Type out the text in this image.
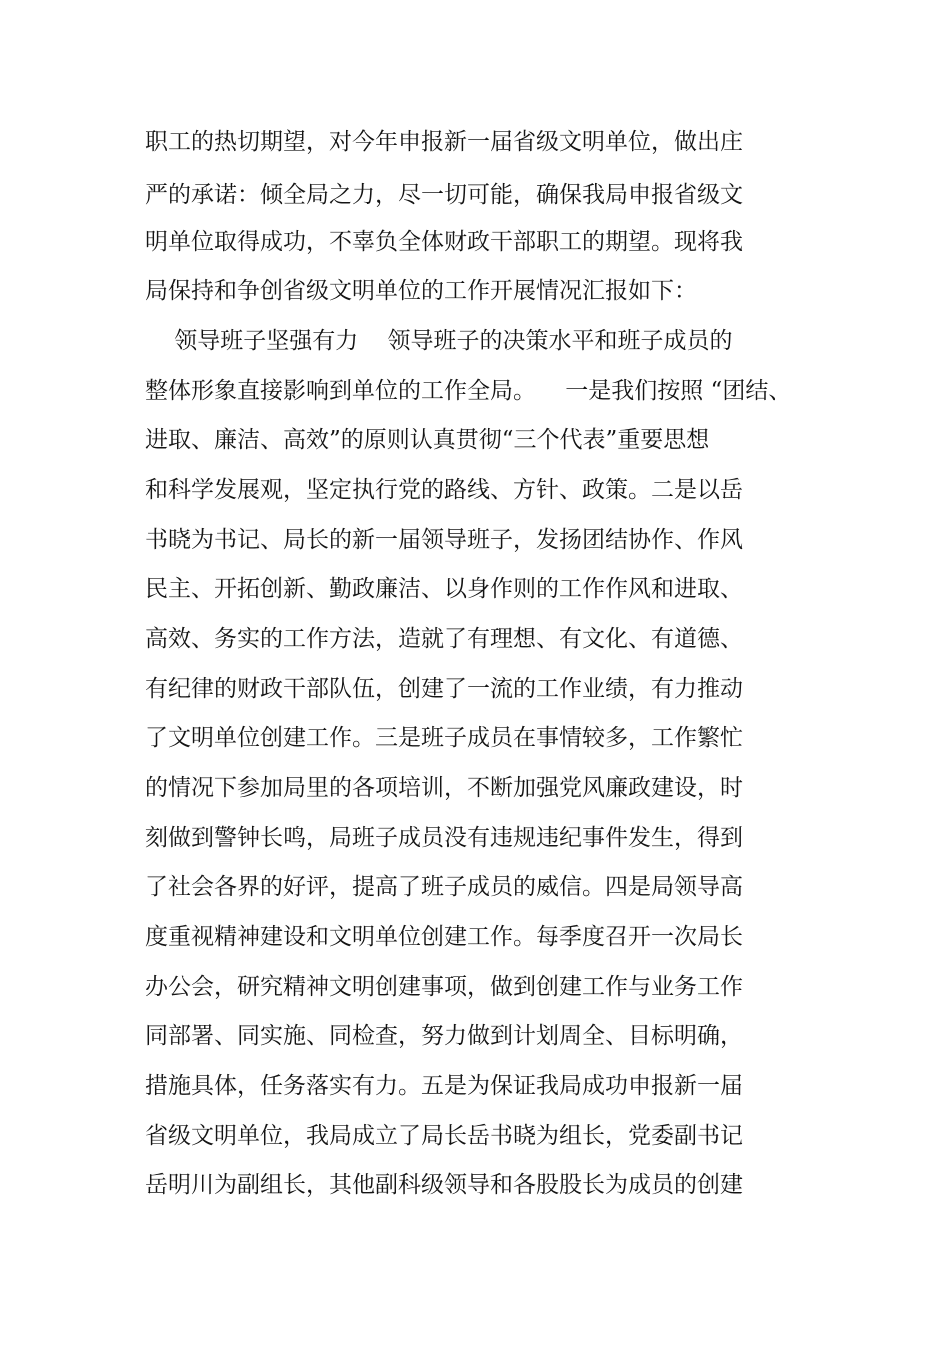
职工的热切期望，对今年申报新一届省级文明单位，做出庄
严的承诺：倾全局之力，尽一切可能，确保我局申报省级文
明单位取得成功，不辜负全体财政干部职工的期望。现将我
局保持和争创省级文明单位的工作开展情况汇报如下：
领导班子坚强有力    领导班子的决策水平和班子成员的
整体形象直接影响到单位的工作全局。    一是我们按照 “团结、
进取、廉洁、高效”的原则认真贯彻“三个代表”重要思想
和科学发展观，坚定执行党的路线、方针、政策。二是以岳
书晓为书记、局长的新一届领导班子，发扬团结协作、作风
民主、开拓创新、勤政廉洁、以身作则的工作作风和进取、
高效、务实的工作方法，造就了有理想、有文化、有道德、
有纪律的财政干部队伍，创建了一流的工作业绩，有力推动
了文明单位创建工作。三是班子成员在事情较多，工作繁忙
的情况下参加局里的各项培训，不断加强党风廉政建设，时
刻做到警钟长鸣，局班子成员没有违规违纪事件发生，得到
了社会各界的好评，提高了班子成员的威信。四是局领导高
度重视精神建设和文明单位创建工作。每季度召开一次局长
办公会，研究精神文明创建事项，做到创建工作与业务工作
同部署、同实施、同检查，努力做到计划周全、目标明确，
措施具体，任务落实有力。五是为保证我局成功申报新一届
省级文明单位，我局成立了局长岳书晓为组长，党委副书记
岳明川为副组长，其他副科级领导和各股股长为成员的创建
